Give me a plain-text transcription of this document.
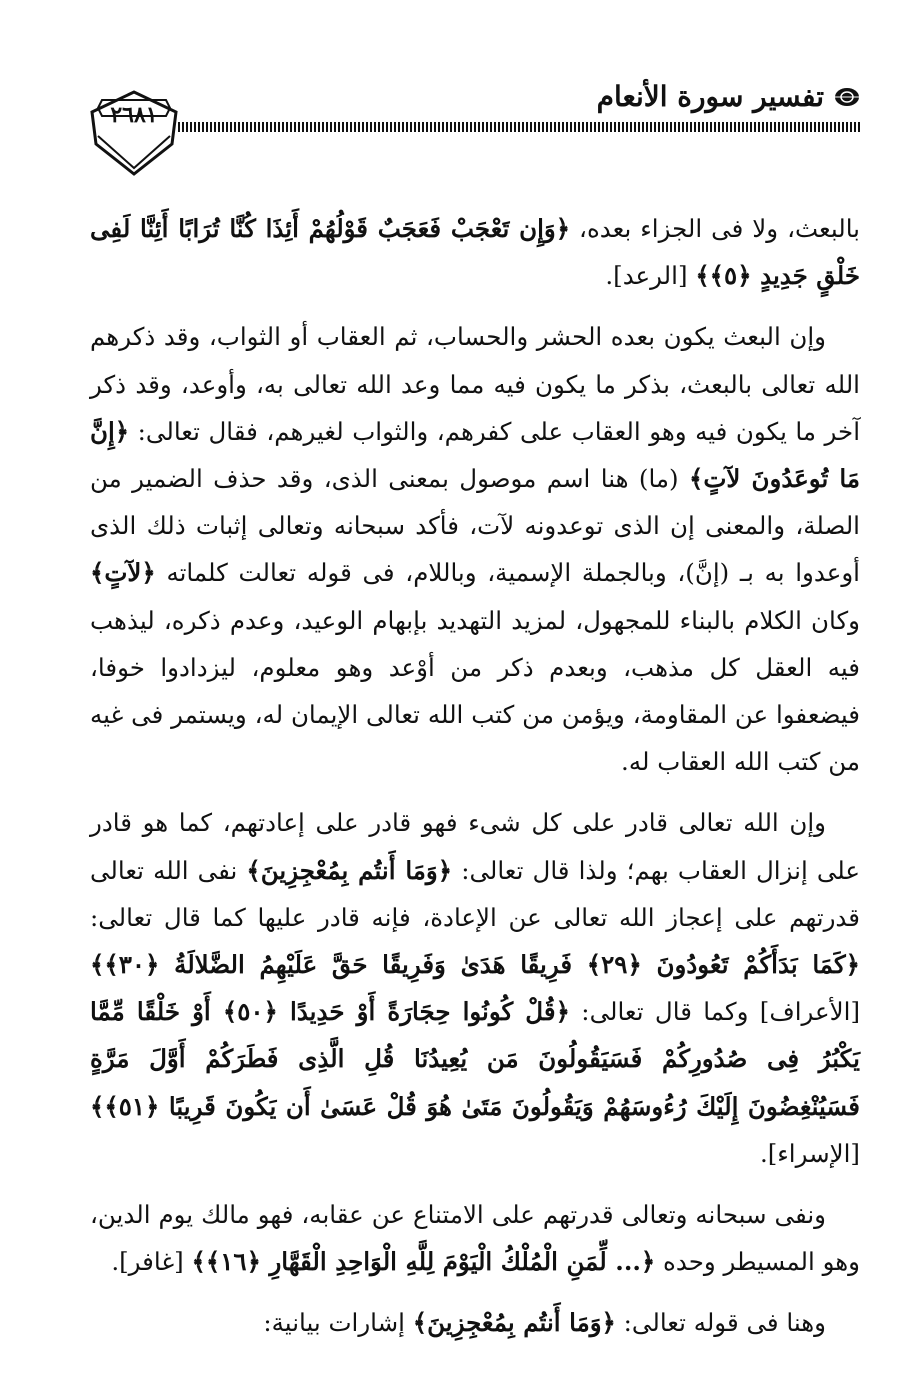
تفسير سورة الأنعام
٢٦٨١

بالبعث، ولا فى الجزاء بعده، ﴿وَإِن تَعْجَبْ فَعَجَبٌ قَوْلُهُمْ أَئِذَا كُنَّا تُرَابًا أَئِنَّا لَفِى خَلْقٍ جَدِيدٍ ﴿٥﴾﴾ [الرعد].

وإن البعث يكون بعده الحشر والحساب، ثم العقاب أو الثواب، وقد ذكرهم الله تعالى بالبعث، بذكر ما يكون فيه مما وعد الله تعالى به، وأوعد، وقد ذكر آخر ما يكون فيه وهو العقاب على كفرهم، والثواب لغيرهم، فقال تعالى: ﴿إِنَّ مَا تُوعَدُونَ لآتٍ﴾ (ما) هنا اسم موصول بمعنى الذى، وقد حذف الضمير من الصلة، والمعنى إن الذى توعدونه لآت، فأكد سبحانه وتعالى إثبات ذلك الذى أوعدوا به بـ (إنَّ)، وبالجملة الإسمية، وباللام، فى قوله تعالت كلماته ﴿لآتٍ﴾ وكان الكلام بالبناء للمجهول، لمزيد التهديد بإبهام الوعيد، وعدم ذكره، ليذهب فيه العقل كل مذهب، وبعدم ذكر من أوْعد وهو معلوم، ليزدادوا خوفا، فيضعفوا عن المقاومة، ويؤمن من كتب الله تعالى الإيمان له، ويستمر فى غيه من كتب الله العقاب له.

وإن الله تعالى قادر على كل شىء فهو قادر على إعادتهم، كما هو قادر على إنزال العقاب بهم؛ ولذا قال تعالى: ﴿وَمَا أَنتُم بِمُعْجِزِينَ﴾ نفى الله تعالى قدرتهم على إعجاز الله تعالى عن الإعادة، فإنه قادر عليها كما قال تعالى: ﴿كَمَا بَدَأَكُمْ تَعُودُونَ ﴿٢٩﴾ فَرِيقًا هَدَىٰ وَفَرِيقًا حَقَّ عَلَيْهِمُ الضَّلالَةُ ﴿٣٠﴾﴾ [الأعراف] وكما قال تعالى: ﴿قُلْ كُونُوا حِجَارَةً أَوْ حَدِيدًا ﴿٥٠﴾ أَوْ خَلْقًا مِّمَّا يَكْبُرُ فِى صُدُورِكُمْ فَسَيَقُولُونَ مَن يُعِيدُنَا قُلِ الَّذِى فَطَرَكُمْ أَوَّلَ مَرَّةٍ فَسَيُنْغِضُونَ إِلَيْكَ رُءُوسَهُمْ وَيَقُولُونَ مَتَىٰ هُوَ قُلْ عَسَىٰ أَن يَكُونَ قَرِيبًا ﴿٥١﴾﴾ [الإسراء].

ونفى سبحانه وتعالى قدرتهم على الامتناع عن عقابه، فهو مالك يوم الدين، وهو المسيطر وحده ﴿... لِّمَنِ الْمُلْكُ الْيَوْمَ لِلَّهِ الْوَاحِدِ الْقَهَّارِ ﴿١٦﴾﴾ [غافر].

وهنا فى قوله تعالى: ﴿وَمَا أَنتُم بِمُعْجِزِينَ﴾ إشارات بيانية:
